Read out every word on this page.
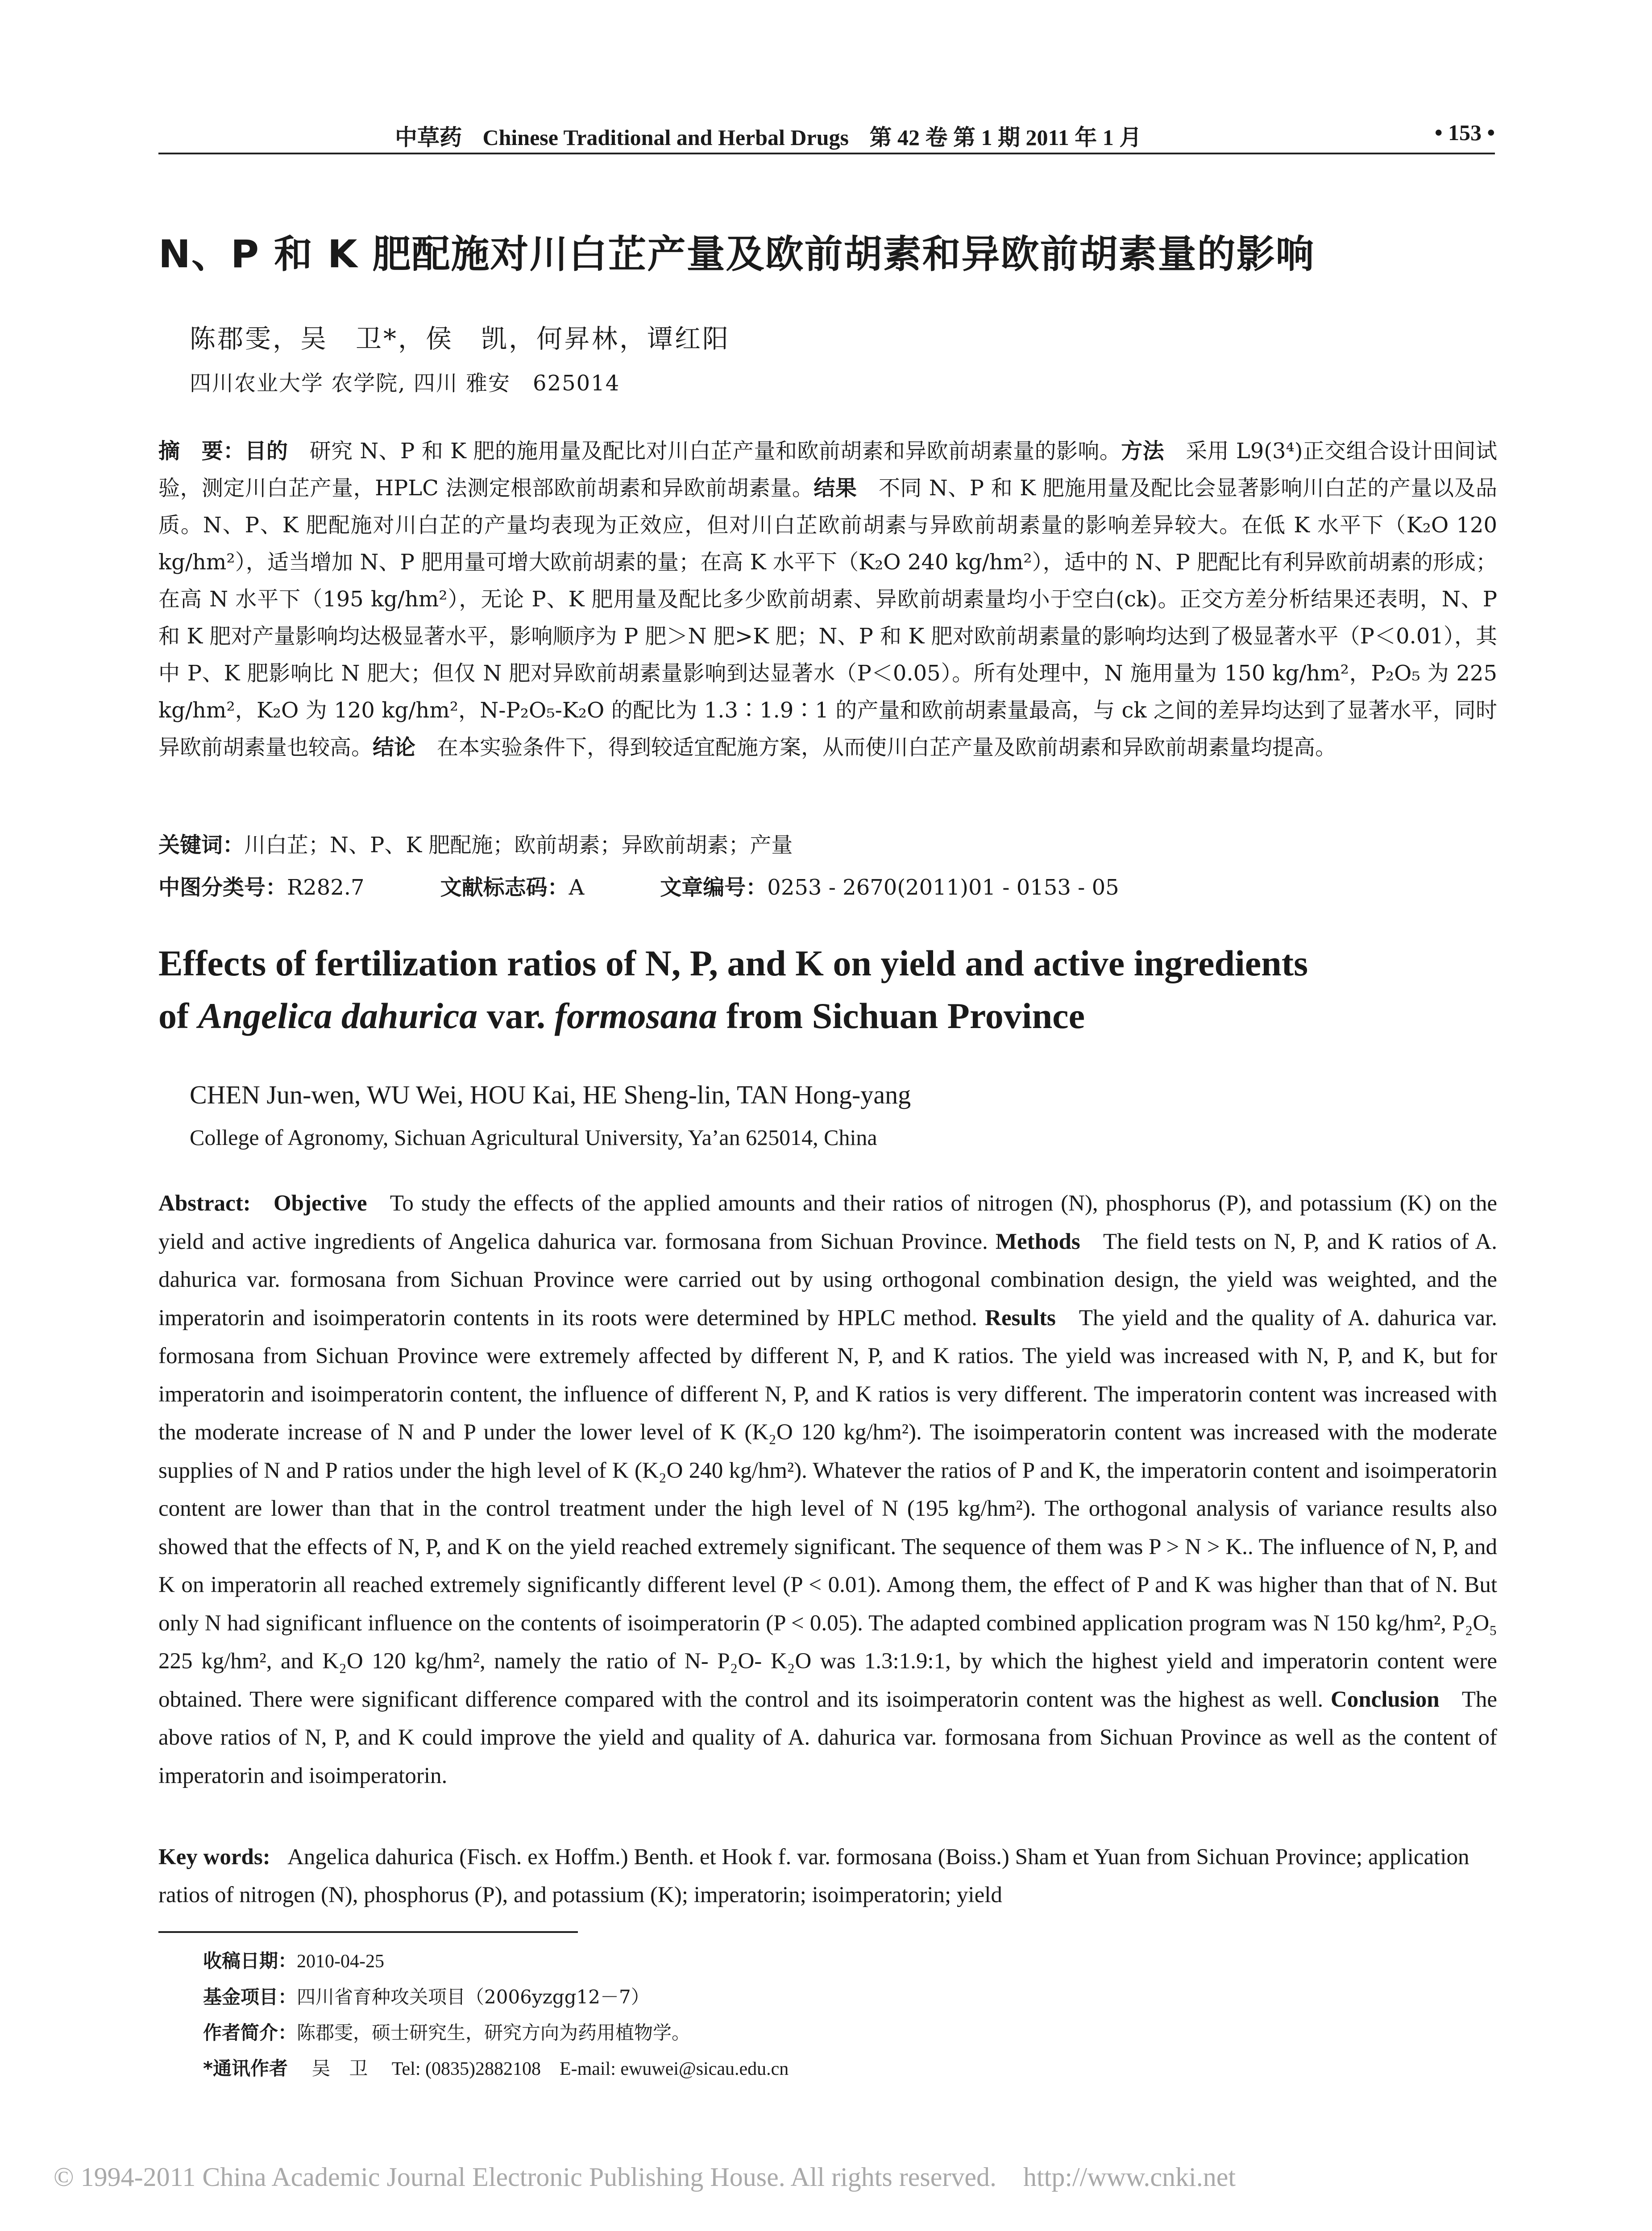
中草药 Chinese Traditional and Herbal Drugs 第 42 卷 第 1 期 2011 年 1 月	• 153 •
N、P 和 K 肥配施对川白芷产量及欧前胡素和异欧前胡素量的影响
陈郡雯，吴　卫*，侯　凯，何昇林，谭红阳
四川农业大学 农学院, 四川 雅安　625014

摘　要：目的　研究 N、P 和 K 肥的施用量及配比对川白芷产量和欧前胡素和异欧前胡素量的影响。方法　采用 L9(3⁴)正交组合设计田间试验，测定川白芷产量，HPLC 法测定根部欧前胡素和异欧前胡素量。结果　不同 N、P 和 K 肥施用量及配比会显著影响川白芷的产量以及品质。N、P、K 肥配施对川白芷的产量均表现为正效应，但对川白芷欧前胡素与异欧前胡素量的影响差异较大。在低 K 水平下（K₂O 120 kg/hm²），适当增加 N、P 肥用量可增大欧前胡素的量；在高 K 水平下（K₂O 240 kg/hm²），适中的 N、P 肥配比有利异欧前胡素的形成；在高 N 水平下（195 kg/hm²），无论 P、K 肥用量及配比多少欧前胡素、异欧前胡素量均小于空白(ck)。正交方差分析结果还表明，N、P 和 K 肥对产量影响均达极显著水平，影响顺序为 P 肥＞N 肥>K 肥；N、P 和 K 肥对欧前胡素量的影响均达到了极显著水平（P＜0.01），其中 P、K 肥影响比 N 肥大；但仅 N 肥对异欧前胡素量影响到达显著水（P＜0.05）。所有处理中，N 施用量为 150 kg/hm²，P₂O₅ 为 225 kg/hm²，K₂O 为 120 kg/hm²，N-P₂O₅-K₂O 的配比为 1.3∶1.9∶1 的产量和欧前胡素量最高，与 ck 之间的差异均达到了显著水平，同时异欧前胡素量也较高。结论　在本实验条件下，得到较适宜配施方案，从而使川白芷产量及欧前胡素和异欧前胡素量均提高。

关键词：川白芷；N、P、K 肥配施；欧前胡素；异欧前胡素；产量
中图分类号：R282.7	文献标志码：A	文章编号：0253 - 2670(2011)01 - 0153 - 05
Effects of fertilization ratios of N, P, and K on yield and active ingredients
of Angelica dahurica var. formosana from Sichuan Province
CHEN Jun-wen, WU Wei, HOU Kai, HE Sheng-lin, TAN Hong-yang
College of Agronomy, Sichuan Agricultural University, Ya’an 625014, China

Abstract: Objective To study the effects of the applied amounts and their ratios of nitrogen (N), phosphorus (P), and potassium (K) on the yield and active ingredients of Angelica dahurica var. formosana from Sichuan Province. Methods The field tests on N, P, and K ratios of A. dahurica var. formosana from Sichuan Province were carried out by using orthogonal combination design, the yield was weighted, and the imperatorin and isoimperatorin contents in its roots were determined by HPLC method. Results The yield and the quality of A. dahurica var. formosana from Sichuan Province were extremely affected by different N, P, and K ratios. The yield was increased with N, P, and K, but for imperatorin and isoimperatorin content, the influence of different N, P, and K ratios is very different. The imperatorin content was increased with the moderate increase of N and P under the lower level of K (K₂O 120 kg/hm²). The isoimperatorin content was increased with the moderate supplies of N and P ratios under the high level of K (K₂O 240 kg/hm²). Whatever the ratios of P and K, the imperatorin content and isoimperatorin content are lower than that in the control treatment under the high level of N (195 kg/hm²). The orthogonal analysis of variance results also showed that the effects of N, P, and K on the yield reached extremely significant. The sequence of them was P > N > K.. The influence of N, P, and K on imperatorin all reached extremely significantly different level (P < 0.01). Among them, the effect of P and K was higher than that of N. But only N had significant influence on the contents of isoimperatorin (P < 0.05). The adapted combined application program was N 150 kg/hm², P₂O₅ 225 kg/hm², and K₂O 120 kg/hm², namely the ratio of N- P₂O- K₂O was 1.3:1.9:1, by which the highest yield and imperatorin content were obtained. There were significant difference compared with the control and its isoimperatorin content was the highest as well. Conclusion The above ratios of N, P, and K could improve the yield and quality of A. dahurica var. formosana from Sichuan Province as well as the content of imperatorin and isoimperatorin.

Key words: Angelica dahurica (Fisch. ex Hoffm.) Benth. et Hook f. var. formosana (Boiss.) Sham et Yuan from Sichuan Province; application ratios of nitrogen (N), phosphorus (P), and potassium (K); imperatorin; isoimperatorin; yield

收稿日期：2010-04-25
基金项目：四川省育种攻关项目（2006yzgg12－7）
作者简介：陈郡雯，硕士研究生，研究方向为药用植物学。
*通讯作者 吴　卫 Tel: (0835)2882108　E-mail: ewuwei@sicau.edu.cn
© 1994-2011 China Academic Journal Electronic Publishing House. All rights reserved. http://www.cnki.net
